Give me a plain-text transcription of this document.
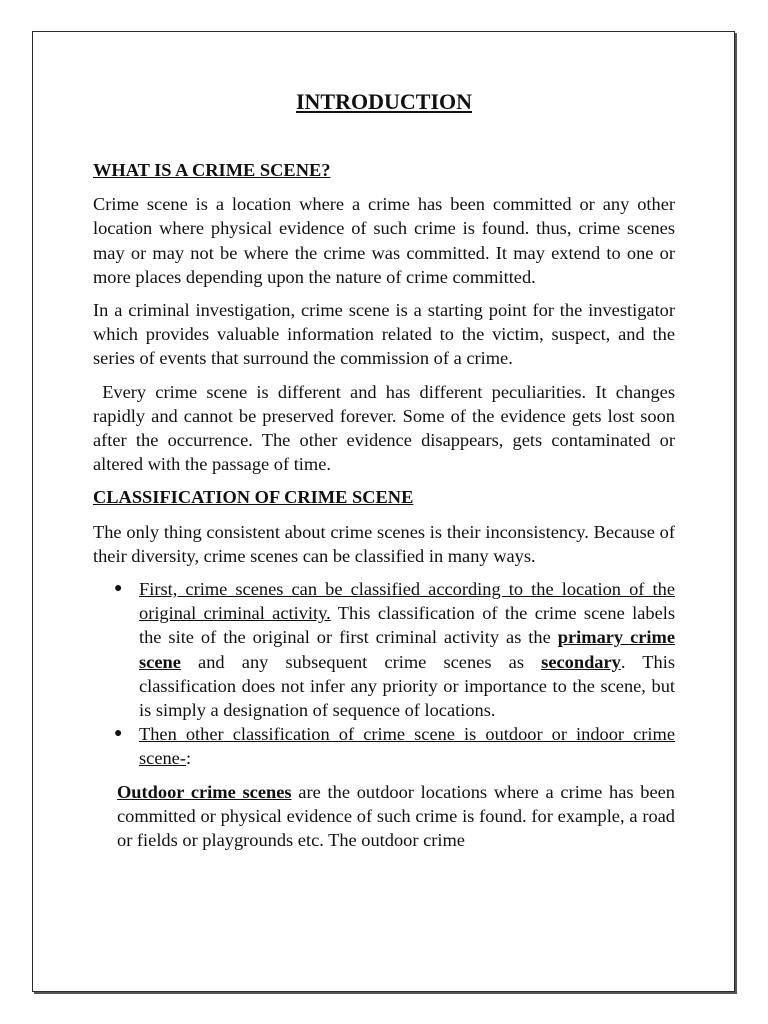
INTRODUCTION

WHAT IS A CRIME SCENE?

Crime scene is a location where a crime has been committed or any other location where physical evidence of such crime is found. thus, crime scenes may or may not be where the crime was committed. It may extend to one or more places depending upon the nature of crime committed.

In a criminal investigation, crime scene is a starting point for the investigator which provides valuable information related to the victim, suspect, and the series of events that surround the commission of a crime.

Every crime scene is different and has different peculiarities. It changes rapidly and cannot be preserved forever. Some of the evidence gets lost soon after the occurrence. The other evidence disappears, gets contaminated or altered with the passage of time.

CLASSIFICATION OF CRIME SCENE

The only thing consistent about crime scenes is their inconsistency. Because of their diversity, crime scenes can be classified in many ways.

● First, crime scenes can be classified according to the location of the original criminal activity. This classification of the crime scene labels the site of the original or first criminal activity as the primary crime scene and any subsequent crime scenes as secondary. This classification does not infer any priority or importance to the scene, but is simply a designation of sequence of locations.
● Then other classification of crime scene is outdoor or indoor crime scene-:

Outdoor crime scenes are the outdoor locations where a crime has been committed or physical evidence of such crime is found. for example, a road or fields or playgrounds etc. The outdoor crime
